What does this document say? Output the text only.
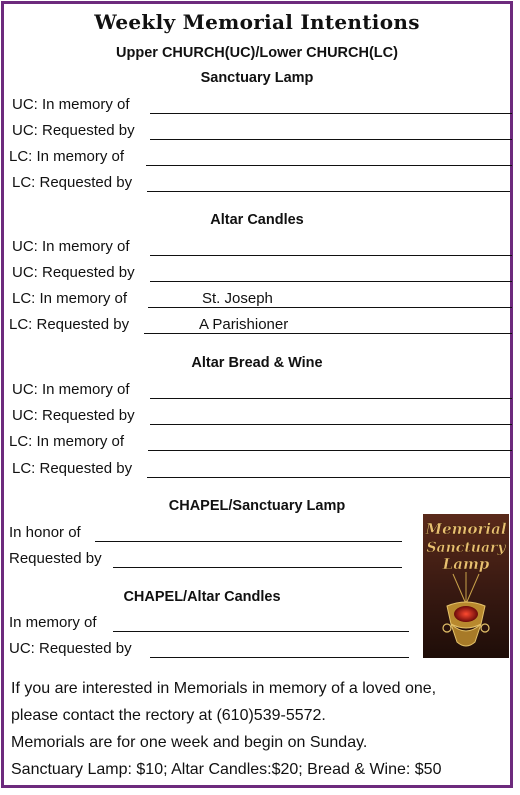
Weekly Memorial Intentions
Upper CHURCH(UC)/Lower CHURCH(LC)
Sanctuary Lamp
UC: In memory of
UC: Requested by
LC: In memory of
LC: Requested by
Altar Candles
UC: In memory of
UC: Requested by
LC: In memory of	St. Joseph
LC: Requested by	A Parishioner
Altar Bread & Wine
UC: In memory of
UC: Requested by
LC: In memory of
LC: Requested by
CHAPEL/Sanctuary Lamp
In honor of
Requested by
CHAPEL/Altar Candles
In memory of
UC: Requested by
Memorial
Sanctuary
Lamp
If you are interested in Memorials in memory of a loved one,
please contact the rectory at (610)539-5572.
Memorials are for one week and begin on Sunday.
Sanctuary Lamp: $10; Altar Candles:$20; Bread & Wine: $50
